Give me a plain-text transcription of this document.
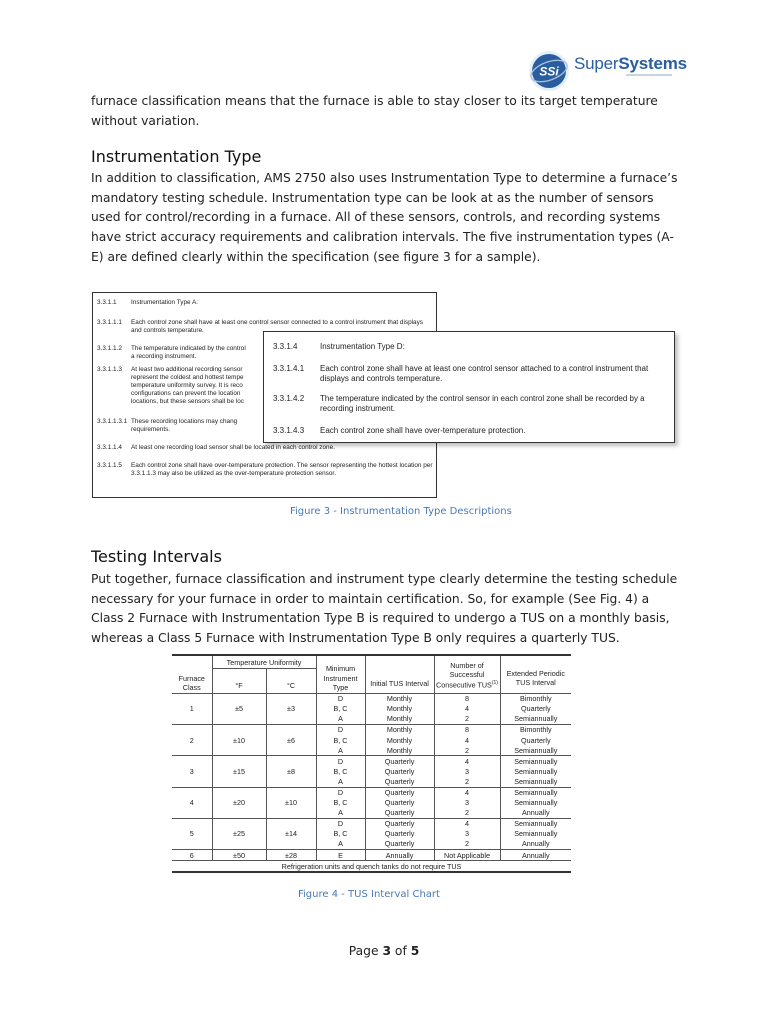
SSi SuperSystems

furnace classification means that the furnace is able to stay closer to its target temperature without variation.

Instrumentation Type

In addition to classification, AMS 2750 also uses Instrumentation Type to determine a furnace’s mandatory testing schedule. Instrumentation type can be look at as the number of sensors used for control/recording in a furnace. All of these sensors, controls, and recording systems have strict accuracy requirements and calibration intervals. The five instrumentation types (A-E) are defined clearly within the specification (see figure 3 for a sample).

3.3.1.1	Instrumentation Type A:
3.3.1.1.1	Each control zone shall have at least one control sensor connected to a control instrument that displays and controls temperature.
3.3.1.1.2	The temperature indicated by the control
a recording instrument.
3.3.1.1.3	At least two additional recording sensor
represent the coldest and hottest tempe
temperature uniformity survey. It is reco
configurations can prevent the location
locations, but these sensors shall be loc
3.3.1.1.3.1 These recording locations may chang
requirements.
3.3.1.1.4	At least one recording load sensor shall be located in each control zone.
3.3.1.1.5	Each control zone shall have over-temperature protection. The sensor representing the hottest location per 3.3.1.1.3 may also be utilized as the over-temperature protection sensor.
3.3.1.4	Instrumentation Type D:
3.3.1.4.1	Each control zone shall have at least one control sensor attached to a control instrument that displays and controls temperature.
3.3.1.4.2	The temperature indicated by the control sensor in each control zone shall be recorded by a recording instrument.
3.3.1.4.3	Each control zone shall have over-temperature protection.
Figure 3 - Instrumentation Type Descriptions
Testing Intervals

Put together, furnace classification and instrument type clearly determine the testing schedule necessary for your furnace in order to maintain certification. So, for example (See Fig. 4) a Class 2 Furnace with Instrumentation Type B is required to undergo a TUS on a monthly basis, whereas a Class 5 Furnace with Instrumentation Type B only requires a quarterly TUS.

Furnace Class	Temperature Uniformity		Minimum Instrument Type	Initial TUS Interval	Number of Successful Consecutive TUS$^{(1)}$	Extended Periodic TUS Interval
	°F	°C				
1	±5	±3	D	Monthly	8	Bimonthly
			B, C	Monthly	4	Quarterly
			A	Monthly	2	Semiannually
2	±10	±6	D	Monthly	8	Bimonthly
			B, C	Monthly	4	Quarterly
			A	Monthly	2	Semiannually
3	±15	±8	D	Quarterly	4	Semiannually
			B, C	Quarterly	3	Semiannually
			A	Quarterly	2	Semiannually
4	±20	±10	D	Quarterly	4	Semiannually
			B, C	Quarterly	3	Semiannually
			A	Quarterly	2	Annually
5	±25	±14	D	Quarterly	4	Semiannually
			B, C	Quarterly	3	Semiannually
			A	Quarterly	2	Annually
6	±50	±28	E	Annually	Not Applicable	Annually
Refrigeration units and quench tanks do not require TUS						
Figure 4 - TUS Interval Chart
Page 3 of 5
